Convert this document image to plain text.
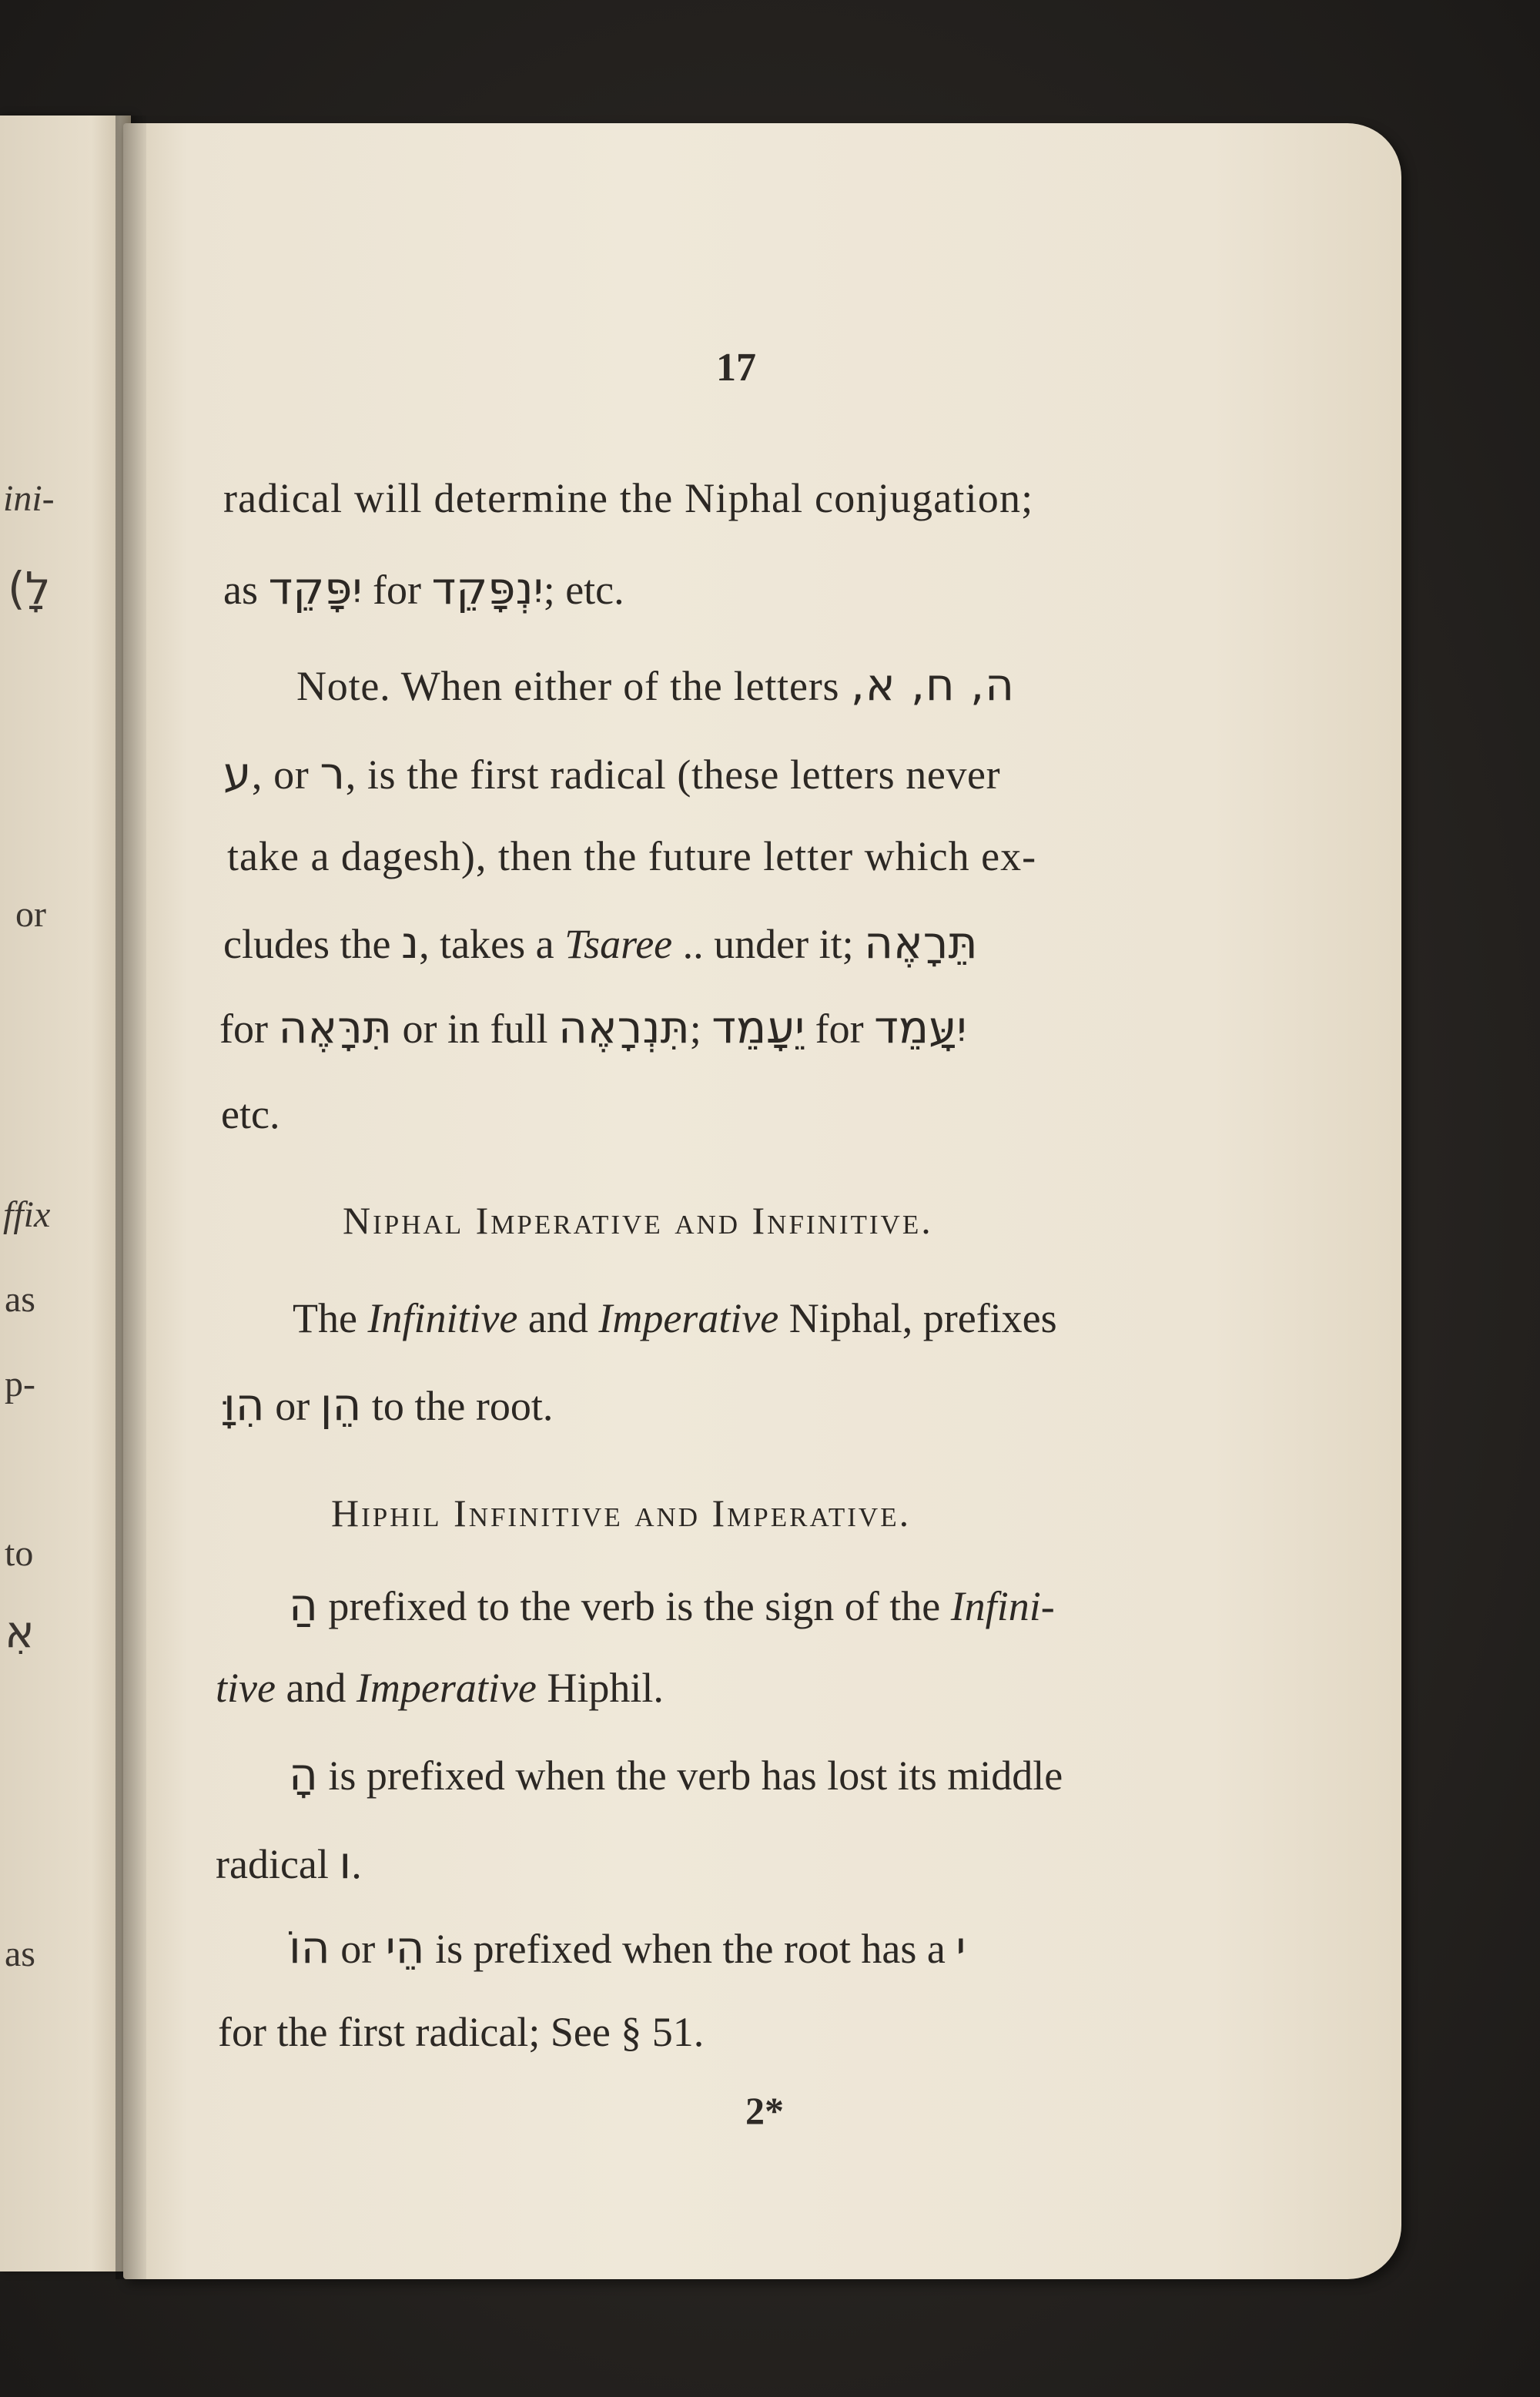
ini-
(לָ
or
ffix
as
p-
to
אִ
as
17
radical will determine the Niphal conjugation;
as יִפָּקֵד for יִנְפָּקֵד; etc.
Note. When either of the letters ה, ח, א,
ע, or ר, is the first radical (these letters never
take a dagesh), then the future letter which ex-
cludes the נ, takes a Tsaree .. under it; תֵּרָאֶה
for תִּרָּאֶה or in full תִּנְרָאֶה; יֵעָמֵד for יִעָּמֵד
etc.
Niphal Imperative and Infinitive.
The Infinitive and Imperative Niphal, prefixes
הִוָּ or הֵן to the root.
Hiphil Infinitive and Imperative.
הַ prefixed to the verb is the sign of the Infini-
tive and Imperative Hiphil.
הָ is prefixed when the verb has lost its middle
radical ו.
הוֹ or הֵי is prefixed when the root has a י
for the first radical; See § 51.
2*
